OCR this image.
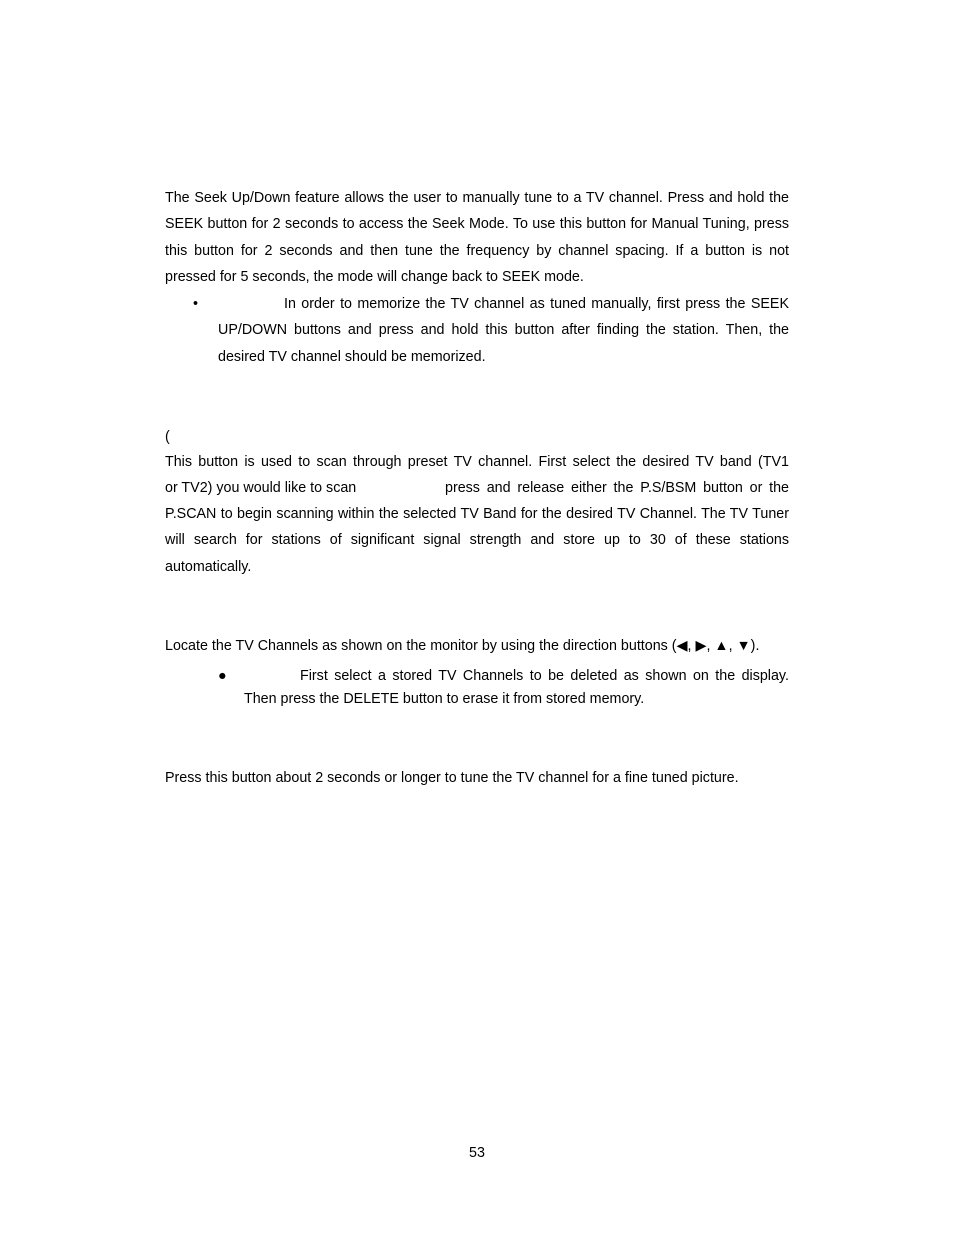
The Seek Up/Down feature allows the user to manually tune to a TV channel. Press and hold the SEEK button for 2 seconds to access the Seek Mode. To use this button for Manual Tuning, press this button for 2 seconds and then tune the frequency by channel spacing. If a button is not pressed for 5 seconds, the mode will change back to SEEK mode.
•	In order to memorize the TV channel as tuned manually, first press the SEEK UP/DOWN buttons and press and hold this button after finding the station. Then, the desired TV channel should be memorized.
(
This button is used to scan through preset TV channel. First select the desired TV band (TV1
or TV2) you would like to scan	press and release either the P.S/BSM button or the
P.SCAN to begin scanning within the selected TV Band for the desired TV Channel. The TV Tuner will search for stations of significant signal strength and store up to 30 of these stations automatically.
Locate the TV Channels as shown on the monitor by using the direction buttons (◀, ▶, ▲, ▼).
●	First select a stored TV Channels to be deleted as shown on the display.
Then press the DELETE button to erase it from stored memory.
Press this button about 2 seconds or longer to tune the TV channel for a fine tuned picture.
53
